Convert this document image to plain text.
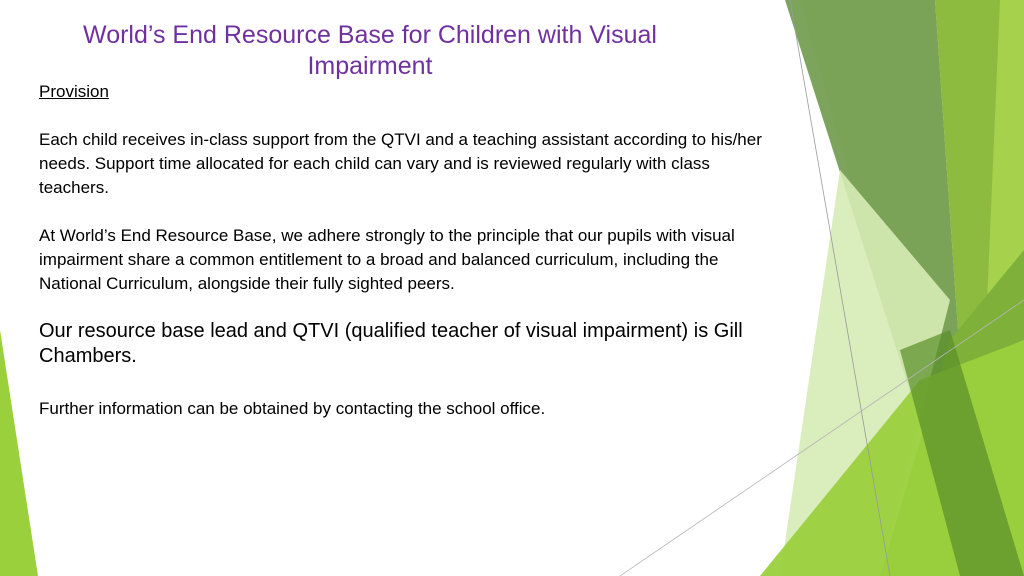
World’s End Resource Base for Children with Visual Impairment
Provision
Each child receives in-class support from the QTVI and a teaching assistant according to his/her needs. Support time allocated for each child can vary and is reviewed regularly with class teachers.
At World’s End Resource Base, we adhere strongly to the principle that our pupils with visual impairment share a common entitlement to a broad and balanced curriculum, including the National Curriculum, alongside their fully sighted peers.
Our resource base lead and QTVI (qualified teacher of visual impairment) is Gill Chambers.
Further information can be obtained by contacting the school office.
